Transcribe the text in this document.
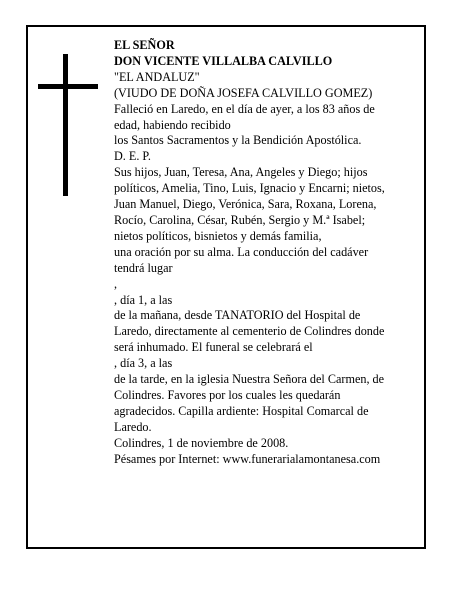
EL SEÑOR
DON VICENTE VILLALBA CALVILLO
"EL ANDALUZ"
(VIUDO DE DOÑA JOSEFA CALVILLO GOMEZ)
Falleció en Laredo, en el día de ayer, a los 83 años de
edad, habiendo recibido
los Santos Sacramentos y la Bendición Apostólica.
D. E. P.
Sus hijos, Juan, Teresa, Ana, Angeles y Diego; hijos
políticos, Amelia, Tino, Luis, Ignacio y Encarni; nietos,
Juan Manuel, Diego, Verónica, Sara, Roxana, Lorena,
Rocío, Carolina, César, Rubén, Sergio y M.ª Isabel;
nietos políticos, bisnietos y demás familia,
una oración por su alma. La conducción del cadáver
tendrá lugar
,
, día 1, a las
de la mañana, desde TANATORIO del Hospital de
Laredo, directamente al cementerio de Colindres donde
será inhumado. El funeral se celebrará el
, día 3, a las
de la tarde, en la iglesia Nuestra Señora del Carmen, de
Colindres. Favores por los cuales les quedarán
agradecidos. Capilla ardiente: Hospital Comarcal de
Laredo.
Colindres, 1 de noviembre de 2008.
Pésames por Internet: www.funerarialamontanesa.com
